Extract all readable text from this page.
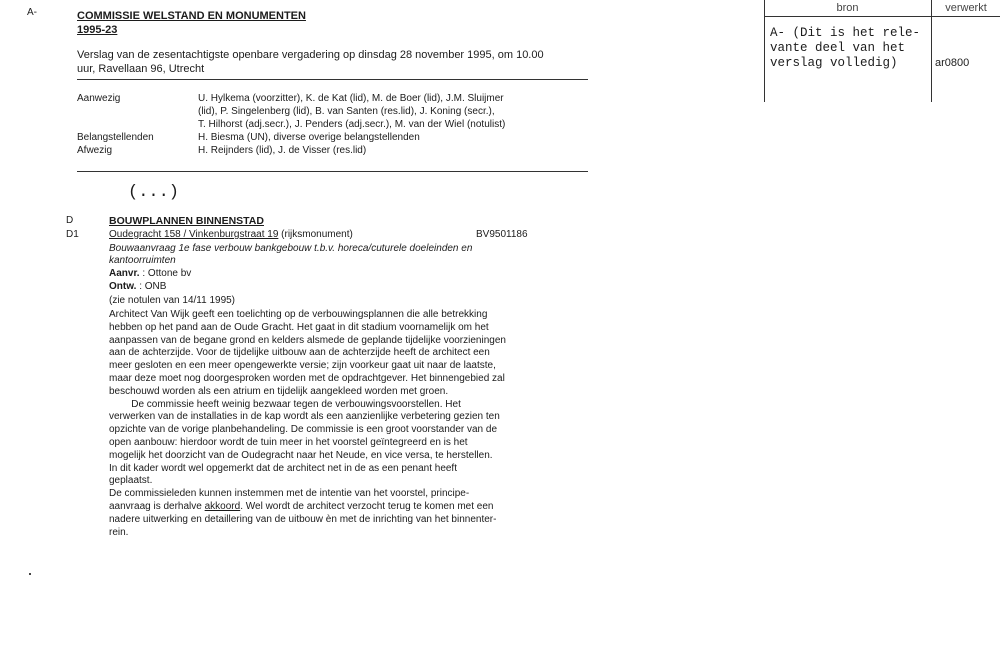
A-	COMMISSIE WELSTAND EN MONUMENTEN
1995-23
Verslag van de zesentachtigste openbare vergadering op dinsdag 28 november 1995, om 10.00
uur, Ravellaan 96, Utrecht
Aanwezig	U. Hylkema (voorzitter), K. de Kat (lid), M. de Boer (lid), J.M. Sluijmer
(lid), P. Singelenberg (lid), B. van Santen (res.lid), J. Koning (secr.),
T. Hilhorst (adj.secr.), J. Penders (adj.secr.), M. van der Wiel (notulist)
Belangstellenden	H. Biesma (UN), diverse overige belangstellenden
Afwezig	H. Reijnders (lid), J. de Visser (res.lid)
(...)
D	BOUWPLANNEN BINNENSTAD
D1	Oudegracht 158 / Vinkenburgstraat 19 (rijksmonument)	BV9501186
Bouwaanvraag 1e fase verbouw bankgebouw t.b.v. horeca/cuturele doeleinden en
kantoorruimten
Aanvr. : Ottone bv
Ontw. : ONB
(zie notulen van 14/11 1995)
Architect Van Wijk geeft een toelichting op de verbouwingsplannen die alle betrekking
hebben op het pand aan de Oude Gracht. Het gaat in dit stadium voornamelijk om het
aanpassen van de begane grond en kelders alsmede de geplande tijdelijke voorzieningen
aan de achterzijde. Voor de tijdelijke uitbouw aan de achterzijde heeft de architect een
meer gesloten en een meer opengewerkte versie; zijn voorkeur gaat uit naar de laatste,
maar deze moet nog doorgesproken worden met de opdrachtgever. Het binnengebied zal
beschouwd worden als een atrium en tijdelijk aangekleed worden met groen.
De commissie heeft weinig bezwaar tegen de verbouwingsvoorstellen. Het
verwerken van de installaties in de kap wordt als een aanzienlijke verbetering gezien ten
opzichte van de vorige planbehandeling. De commissie is een groot voorstander van de
open aanbouw: hierdoor wordt de tuin meer in het voorstel geïntegreerd en is het
mogelijk het doorzicht van de Oudegracht naar het Neude, en vice versa, te herstellen.
In dit kader wordt wel opgemerkt dat de architect net in de as een penant heeft
geplaatst.
De commissieleden kunnen instemmen met de intentie van het voorstel, principe-
aanvraag is derhalve akkoord. Wel wordt de architect verzocht terug te komen met een
nadere uitwerking en detaillering van de uitbouw èn met de inrichting van het binnenter-
rein.
bron	verwerkt
A- (Dit is het rele-
vante deel van het
verslag volledig)	ar0800
